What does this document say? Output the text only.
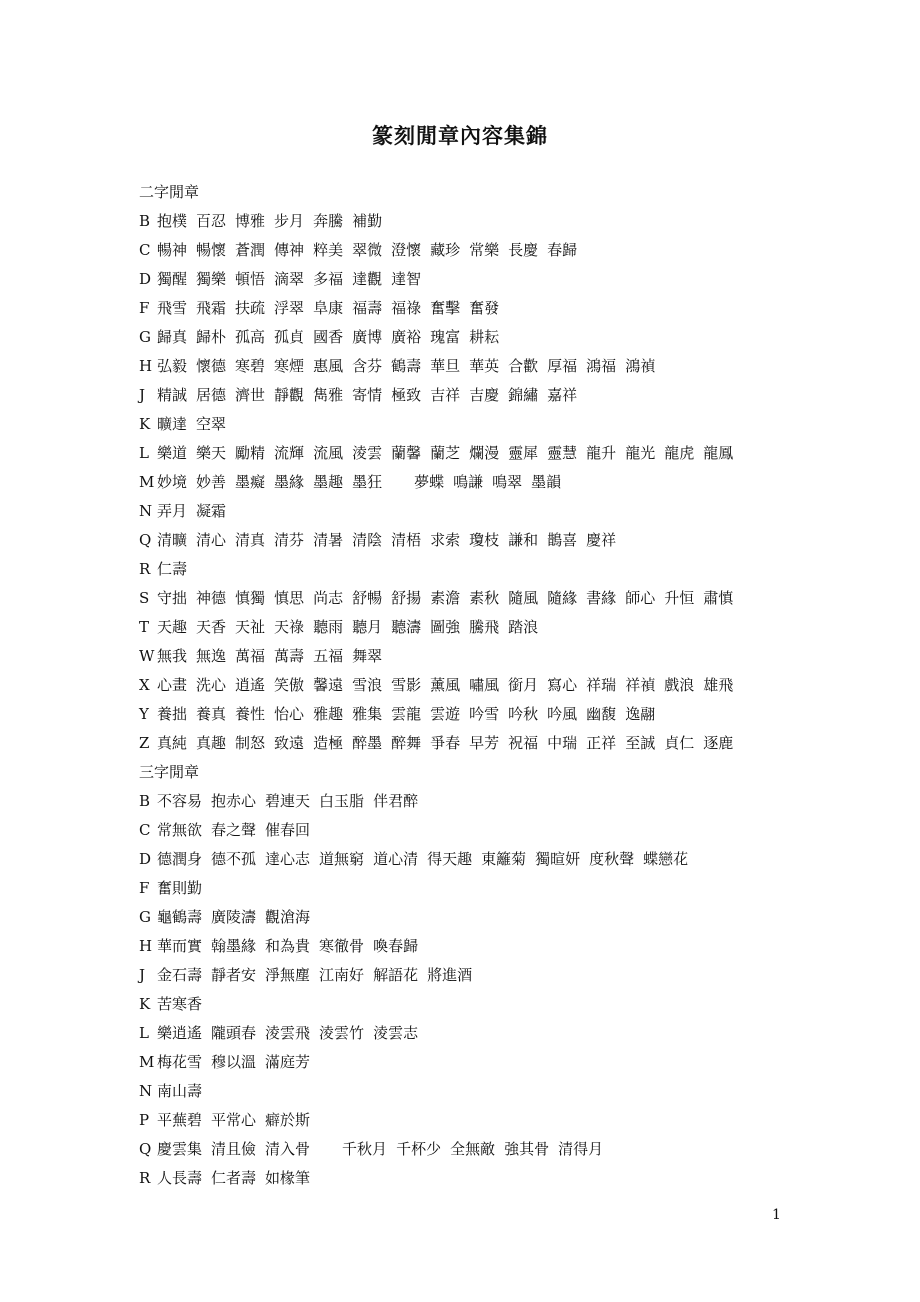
篆刻閒章內容集錦
二字閒章
B 抱樸 百忍 博雅 步月 奔騰 補勤
C 暢神 暢懷 蒼潤 傳神 粹美 翠微 澄懷 藏珍 常樂 長慶 春歸
D 獨醒 獨樂 頓悟 滴翠 多福 達觀 達智
F 飛雪 飛霜 扶疏 浮翠 阜康 福壽 福祿 奮擊 奮發
G 歸真 歸朴 孤高 孤貞 國香 廣博 廣裕 瑰富 耕耘
H 弘毅 懷德 寒碧 寒煙 惠風 含芬 鶴壽 華旦 華英 合歡 厚福 鴻福 鴻禎
J 精誠 居德 濟世 靜觀 雋雅 寄情 極致 吉祥 吉慶 錦繡 嘉祥
K 曠達 空翠
L 樂道 樂天 勵精 流輝 流風 淩雲 蘭馨 蘭芝 爛漫 靈犀 靈慧 龍升 龍光 龍虎 龍鳳
M 妙境 妙善 墨癡 墨緣 墨趣 墨狂 夢蝶 鳴謙 鳴翠 墨韻
N 弄月 凝霜
Q 清曠 清心 清真 清芬 清暑 清陰 清梧 求索 瓊枝 謙和 鵲喜 慶祥
R 仁壽
S 守拙 神德 慎獨 慎思 尚志 舒暢 舒揚 素澹 素秋 隨風 隨緣 書緣 師心 升恒 肅慎
T 天趣 天香 天祉 天祿 聽雨 聽月 聽濤 圖強 騰飛 踏浪
W 無我 無逸 萬福 萬壽 五福 舞翠
X 心畫 洗心 逍遙 笑傲 馨遠 雪浪 雪影 薰風 嘯風 銜月 寫心 祥瑞 祥禎 戲浪 雄飛
Y 養拙 養真 養性 怡心 雅趣 雅集 雲龍 雲遊 吟雪 吟秋 吟風 幽馥 逸翮
Z 真純 真趣 制怒 致遠 造極 醉墨 醉舞 爭春 早芳 祝福 中瑞 正祥 至誠 貞仁 逐鹿
三字閒章
B 不容易 抱赤心 碧連天 白玉脂 伴君醉
C 常無欲 春之聲 催春回
D 德潤身 德不孤 達心志 道無窮 道心清 得天趣 東籬菊 獨暄妍 度秋聲 蝶戀花
F 奮則勤
G 龜鶴壽 廣陵濤 觀滄海
H 華而實 翰墨緣 和為貴 寒徹骨 喚春歸
J 金石壽 靜者安 淨無塵 江南好 解語花 將進酒
K 苦寒香
L 樂逍遙 隴頭春 淩雲飛 淩雲竹 淩雲志
M 梅花雪 穆以溫 滿庭芳
N 南山壽
P 平蕪碧 平常心 癖於斯
Q 慶雲集 清且儉 清入骨 千秋月 千杯少 全無敵 強其骨 清得月
R 人長壽 仁者壽 如椽筆
1
